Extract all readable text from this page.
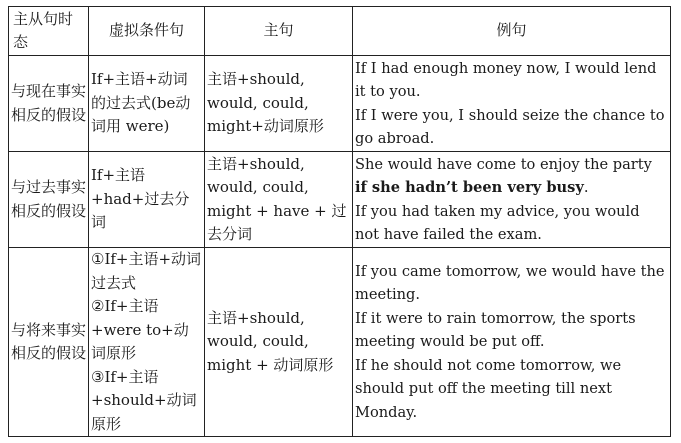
主从句时态	虚拟条件句	主句	例句

与现在事实相反的假设	If+主语+动词的过去式(be动词用 were)	主语+should, would, could, might+动词原形	If I had enough money now, I would lend it to you.
If I were you, I should seize the chance to go abroad.

与过去事实相反的假设	If+主语+had+过去分词	主语+should, would, could, might + have + 过去分词	She would have come to enjoy the party if she hadn’t been very busy.
If you had taken my advice, you would not have failed the exam.

与将来事实相反的假设	①If+主语+动词过去式
②If+主语+were to+动词原形
③If+主语+should+动词原形	主语+should, would, could, might + 动词原形	If you came tomorrow, we would have the meeting.
If it were to rain tomorrow, the sports meeting would be put off.
If he should not come tomorrow, we should put off the meeting till next Monday.
